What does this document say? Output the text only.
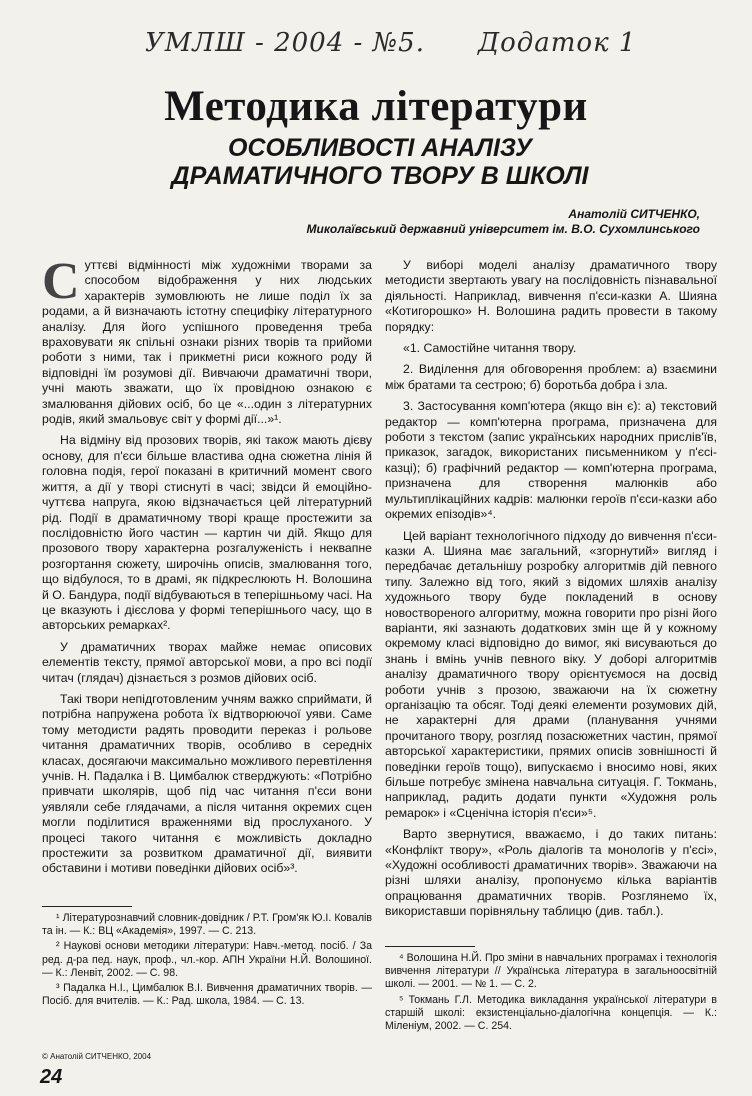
УМЛШ - 2004 - №5. Додаток 1
Методика літератури
ОСОБЛИВОСТІ АНАЛІЗУ ДРАМАТИЧНОГО ТВОРУ В ШКОЛІ
Анатолій СИТЧЕНКО,
Миколаївський державний університет ім. В.О. Сухомлинського

Суттєві відмінності між художніми творами за способом відображення у них людських характерів зумовлюють не лише поділ їх за родами, а й визначають істотну специфіку літературного аналізу. Для його успішного проведення треба враховувати як спільні ознаки різних творів та прийоми роботи з ними, так і прикметні риси кожного роду й відповідні їм розумові дії. Вивчаючи драматичні твори, учні мають зважати, що їх провідною ознакою є змалювання дійових осіб, бо це «...один з літературних родів, який змальовує світ у формі дії...»¹.

На відміну від прозових творів, які також мають дієву основу, для п'єси більше властива одна сюжетна лінія й головна подія, герої показані в критичний момент свого життя, а дії у творі стиснуті в часі; звідси й емоційно-чуттєва напруга, якою відзначається цей літературний рід. Події в драматичному творі краще простежити за послідовністю його частин — картин чи дій. Якщо для прозового твору характерна розгалуженість і неквапне розгортання сюжету, широчінь описів, змалювання того, що відбулося, то в драмі, як підкреслюють Н. Волошина й О. Бандура, події відбуваються в теперішньому часі. На це вказують і дієслова у формі теперішнього часу, що в авторських ремарках².

У драматичних творах майже немає описових елементів тексту, прямої авторської мови, а про всі події читач (глядач) дізнається з розмов дійових осіб.

Такі твори непідготовленим учням важко сприймати, й потрібна напружена робота їх відтворюючої уяви. Саме тому методисти радять проводити переказ і рольове читання драматичних творів, особливо в середніх класах, досягаючи максимально можливого перевтілення учнів. Н. Падалка і В. Цимбалюк стверджують: «Потрібно привчати школярів, щоб під час читання п'єси вони уявляли себе глядачами, а після читання окремих сцен могли поділитися враженнями від прослуханого. У процесі такого читання є можливість докладно простежити за розвитком драматичної дії, виявити обставини і мотиви поведінки дійових осіб»³.

У виборі моделі аналізу драматичного твору методисти звертають увагу на послідовність пізнавальної діяльності. Наприклад, вивчення п'єси-казки А. Шияна «Котигорошко» Н. Волошина радить провести в такому порядку:

«1. Самостійне читання твору.

2. Виділення для обговорення проблем: а) взаємини між братами та сестрою; б) боротьба добра і зла.

3. Застосування комп'ютера (якщо він є): а) текстовий редактор — комп'ютерна програма, призначена для роботи з текстом (запис українських народних прислів'їв, приказок, загадок, використаних письменником у п'єсі-казці); б) графічний редактор — комп'ютерна програма, призначена для створення малюнків або мультиплікаційних кадрів: малюнки героїв п'єси-казки або окремих епізодів»⁴.

Цей варіант технологічного підходу до вивчення п'єси-казки А. Шияна має загальний, «згорнутий» вигляд і передбачає детальнішу розробку алгоритмів дій певного типу. Залежно від того, який з відомих шляхів аналізу художнього твору буде покладений в основу новоствореного алгоритму, можна говорити про різні його варіанти, які зазнають додаткових змін ще й у кожному окремому класі відповідно до вимог, які висуваються до знань і вмінь учнів певного віку. У доборі алгоритмів аналізу драматичного твору орієнтуємося на досвід роботи учнів з прозою, зважаючи на їх сюжетну організацію та обсяг. Тоді деякі елементи розумових дій, не характерні для драми (планування учнями прочитаного твору, розгляд позасюжетних частин, прямої авторської характеристики, прямих описів зовнішності й поведінки героїв тощо), випускаємо і вносимо нові, яких більше потребує змінена навчальна ситуація. Г. Токмань, наприклад, радить додати пункти «Художня роль ремарок» і «Сценічна історія п'єси»⁵.

Варто звернутися, вважаємо, і до таких питань: «Конфлікт твору», «Роль діалогів та монологів у п'єсі», «Художні особливості драматичних творів». Зважаючи на різні шляхи аналізу, пропонуємо кілька варіантів опрацювання драматичних творів. Розглянемо їх, використавши порівняльну таблицю (див. табл.).

¹ Літературознавчий словник-довідник / Р.Т. Гром'як Ю.І. Ковалів та ін. — К.: ВЦ «Академія», 1997. — С. 213.

² Наукові основи методики літератури: Навч.-метод. посіб. / За ред. д-ра пед. наук, проф., чл.-кор. АПН України Н.Й. Волошиної. — К.: Ленвіт, 2002. — С. 98.

³ Падалка Н.І., Цимбалюк В.І. Вивчення драматичних творів. — Посіб. для вчителів. — К.: Рад. школа, 1984. — С. 13.

⁴ Волошина Н.Й. Про зміни в навчальних програмах і технологія вивчення літератури // Українська література в загальноосвітній школі. — 2001. — № 1. — С. 2.

⁵ Токмань Г.Л. Методика викладання української літератури в старшій школі: екзистенціально-діалогічна концепція. — К.: Міленіум, 2002. — С. 254.

© Анатолій СИТЧЕНКО, 2004
24
